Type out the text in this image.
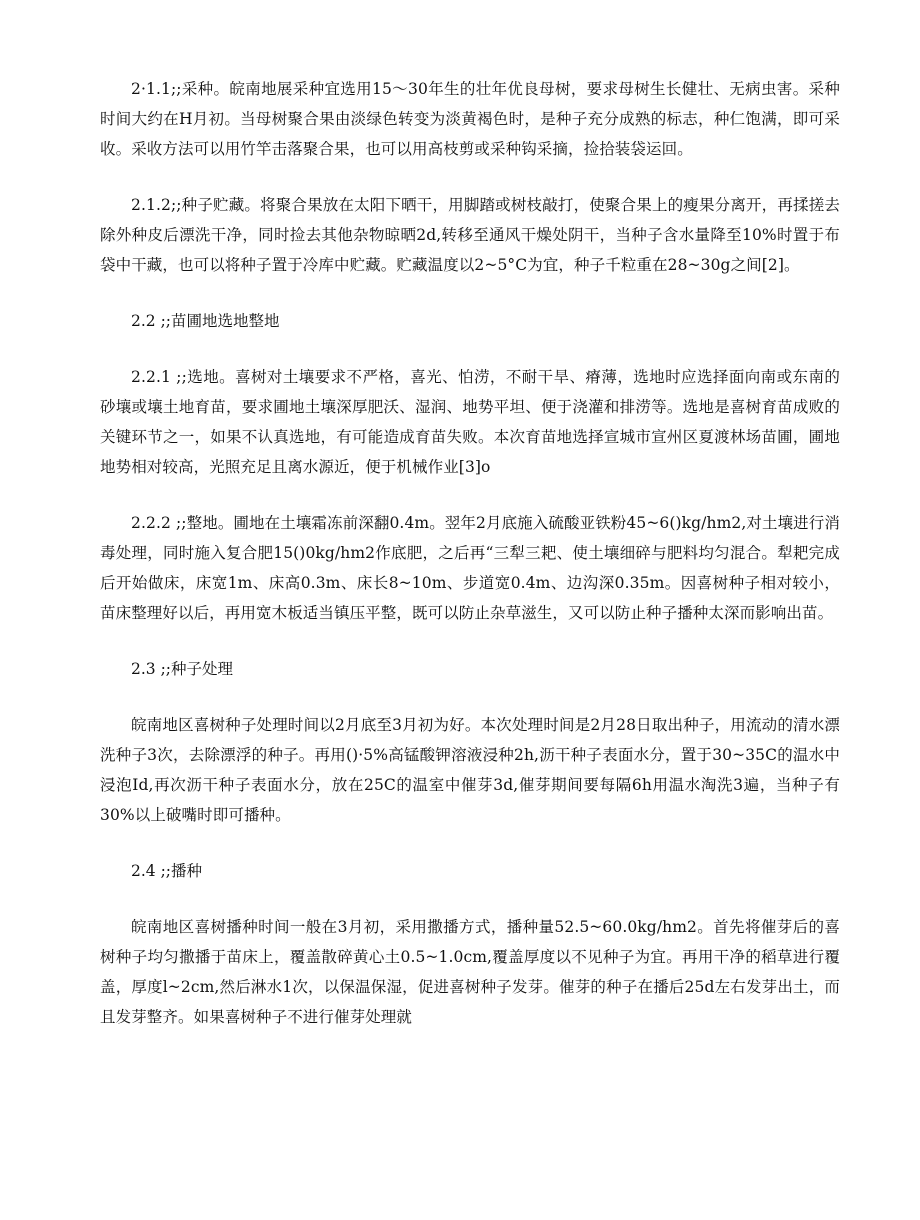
2·1.1;;采种。皖南地展采种宜选用15～30年生的壮年优良母树，要求母树生长健壮、无病虫害。采种时间大约在H月初。当母树聚合果由淡绿色转变为淡黄褐色时，是种子充分成熟的标志，种仁饱满，即可采收。采收方法可以用竹竿击落聚合果，也可以用高枝剪或采种钩采摘，捡拾装袋运回。

2.1.2;;种子贮藏。将聚合果放在太阳下晒干，用脚踏或树枝敲打，使聚合果上的瘦果分离开，再揉搓去除外种皮后漂洗干净，同时捡去其他杂物晾晒2d,转移至通风干燥处阴干，当种子含水量降至10%时置于布袋中干藏，也可以将种子置于冷库中贮藏。贮藏温度以2~5°C为宜，种子千粒重在28~30g之间[2]。

2.2 ;;苗圃地选地整地

2.2.1 ;;选地。喜树对土壤要求不严格，喜光、怕涝，不耐干旱、瘠薄，选地时应选择面向南或东南的砂壤或壤土地育苗，要求圃地土壤深厚肥沃、湿润、地势平坦、便于浇灌和排涝等。选地是喜树育苗成败的关键环节之一，如果不认真选地，有可能造成育苗失败。本次育苗地选择宣城市宣州区夏渡林场苗圃，圃地地势相对较高，光照充足且离水源近，便于机械作业[3]o

2.2.2 ;;整地。圃地在土壤霜冻前深翻0.4m。翌年2月底施入硫酸亚铁粉45~6()kg/hm2,对土壤进行消毒处理，同时施入复合肥15()0kg/hm2作底肥，之后再“三犁三耙、使土壤细碎与肥料均匀混合。犁耙完成后开始做床，床宽1m、床高0.3m、床长8~10m、步道宽0.4m、边沟深0.35m。因喜树种子相对较小，苗床整理好以后，再用宽木板适当镇压平整，既可以防止杂草滋生，又可以防止种子播种太深而影响出苗。

2.3 ;;种子处理

皖南地区喜树种子处理时间以2月底至3月初为好。本次处理时间是2月28日取出种子，用流动的清水漂洗种子3次，去除漂浮的种子。再用()·5%高锰酸钾溶液浸种2h,沥干种子表面水分，置于30~35C的温水中浸泡Id,再次沥干种子表面水分，放在25C的温室中催芽3d,催芽期间要每隔6h用温水淘洗3遍，当种子有30%以上破嘴时即可播种。

2.4 ;;播种

皖南地区喜树播种时间一般在3月初，采用撒播方式，播种量52.5~60.0kg/hm2。首先将催芽后的喜树种子均匀撒播于苗床上，覆盖散碎黄心土0.5~1.0cm,覆盖厚度以不见种子为宜。再用干净的稻草进行覆盖，厚度l~2cm,然后淋水1次，以保温保湿，促进喜树种子发芽。催芽的种子在播后25d左右发芽出土，而且发芽整齐。如果喜树种子不进行催芽处理就
